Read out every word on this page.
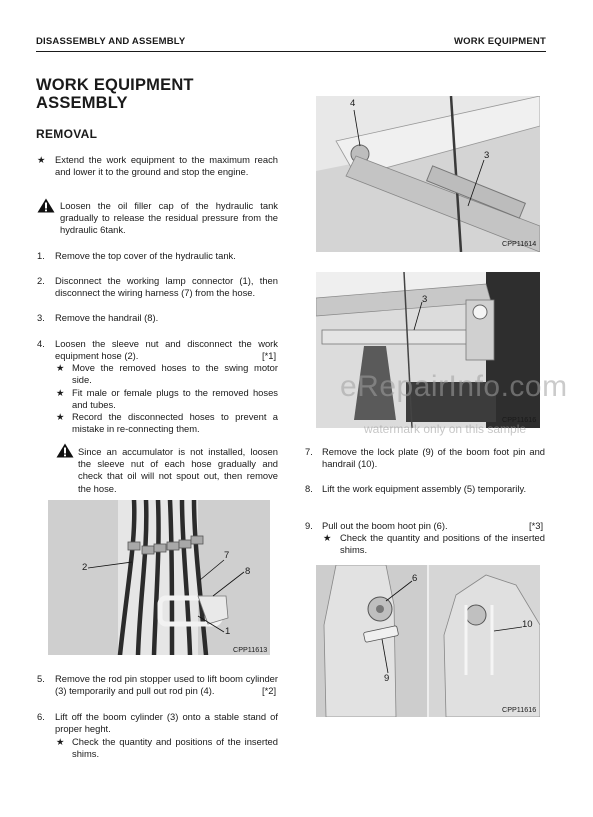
DISASSEMBLY AND ASSEMBLY	WORK EQUIPMENT
WORK EQUIPMENT
ASSEMBLY
REMOVAL
★ Extend the work equipment to the maximum reach and lower it to the ground and stop the engine.
Loosen the oil filler cap of the hydraulic tank gradually to release the residual pressure from the hydraulic 6tank.
1. Remove the top cover of the hydraulic tank.
2. Disconnect the working lamp connector (1), then disconnect the wiring harness (7) from the hose.
3. Remove the handrail (8).
4. Loosen the sleeve nut and disconnect the work equipment hose (2).	[*1]
★ Move the removed hoses to the swing motor side.
★ Fit male or female plugs to the removed hoses and tubes.
★ Record the disconnected hoses to prevent a mistake in re-connecting them.
Since an accumulator is not installed, loosen the sleeve nut of each hose gradually and check that oil will not spout out, then remove the hose.
2
7
8
1
CPP11613
5. Remove the rod pin stopper used to lift boom cylinder (3) temporarily and pull out rod pin (4).	[*2]
6. Lift off the boom cylinder (3) onto a stable stand of proper heght.
★ Check the quantity and positions of the inserted shims.
4
3
CPP11614
3
CPP11616
eRepairInfo.com
watermark only on this sample
7. Remove the lock plate (9) of the boom foot pin and handrail (10).
8. Lift the work equipment assembly (5) temporarily.
9. Pull out the boom hoot pin (6).	[*3]
★ Check the quantity and positions of the inserted shims.
6
9
10
CPP11616
